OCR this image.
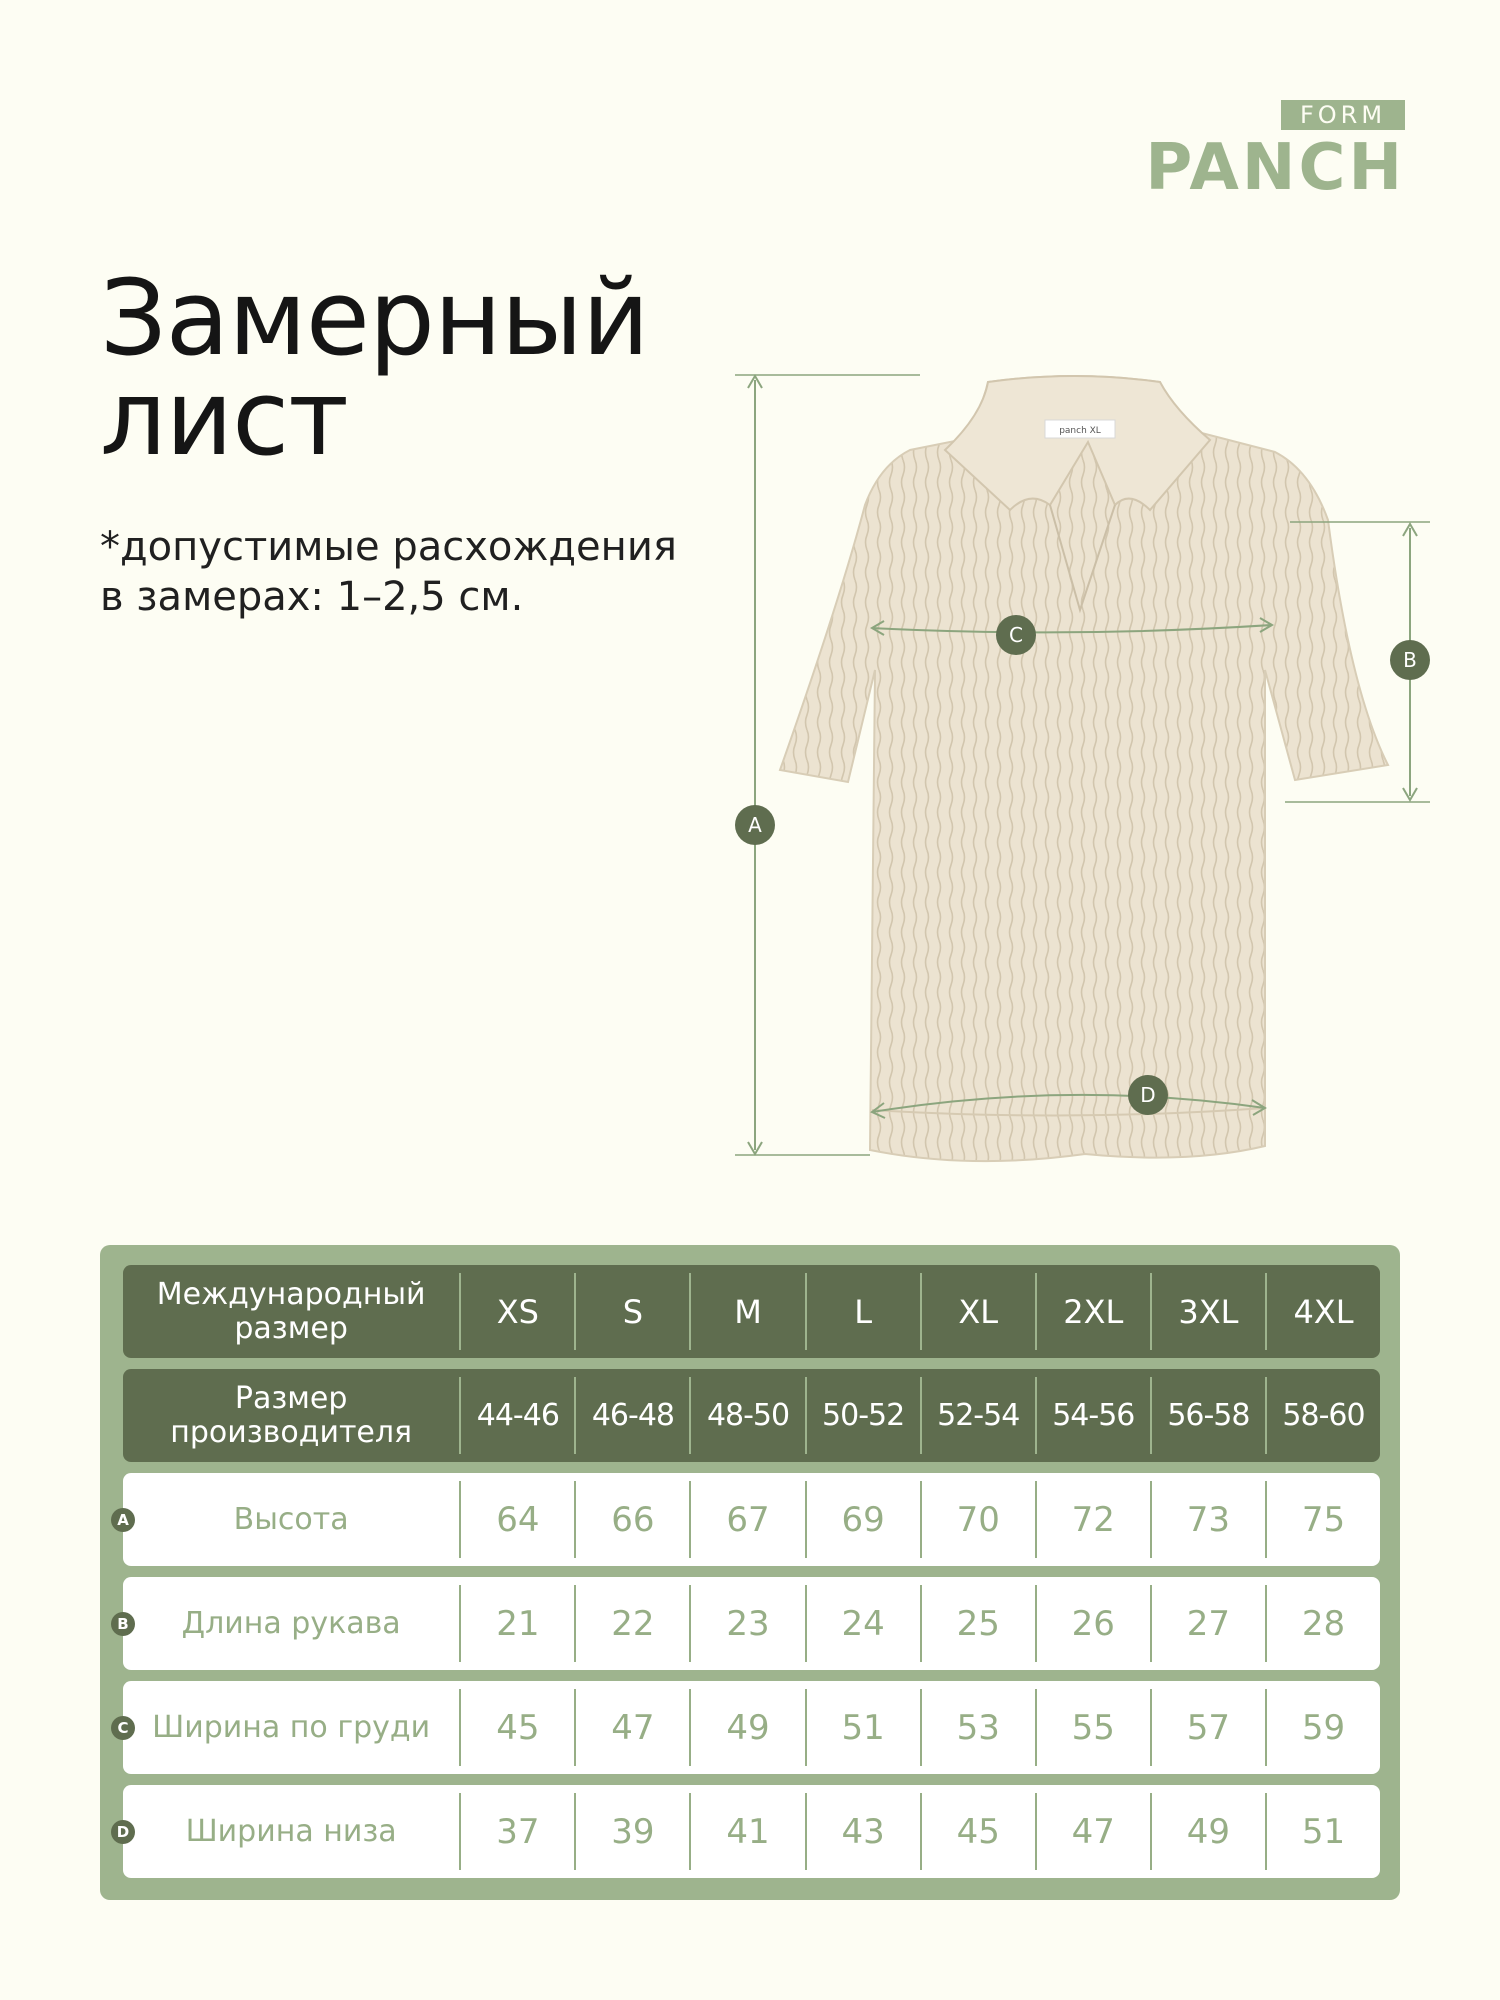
FORM
PANCH
Замерный
лист
*допустимые расхождения
в замерах: 1–2,5 см.
panch XL
A
B
C
D
Международный
размер	XS	S	M	L	XL	2XL	3XL	4XL
Размер
производителя	44-46	46-48	48-50	50-52	52-54	54-56	56-58	58-60
A	Высота	64	66	67	69	70	72	73	75
B Длина рукава	21	22	23	24	25	26	27	28
C Ширина по груди	45	47	49	51	53	55	57	59
D Ширина низа	37	39	41	43	45	47	49	51
